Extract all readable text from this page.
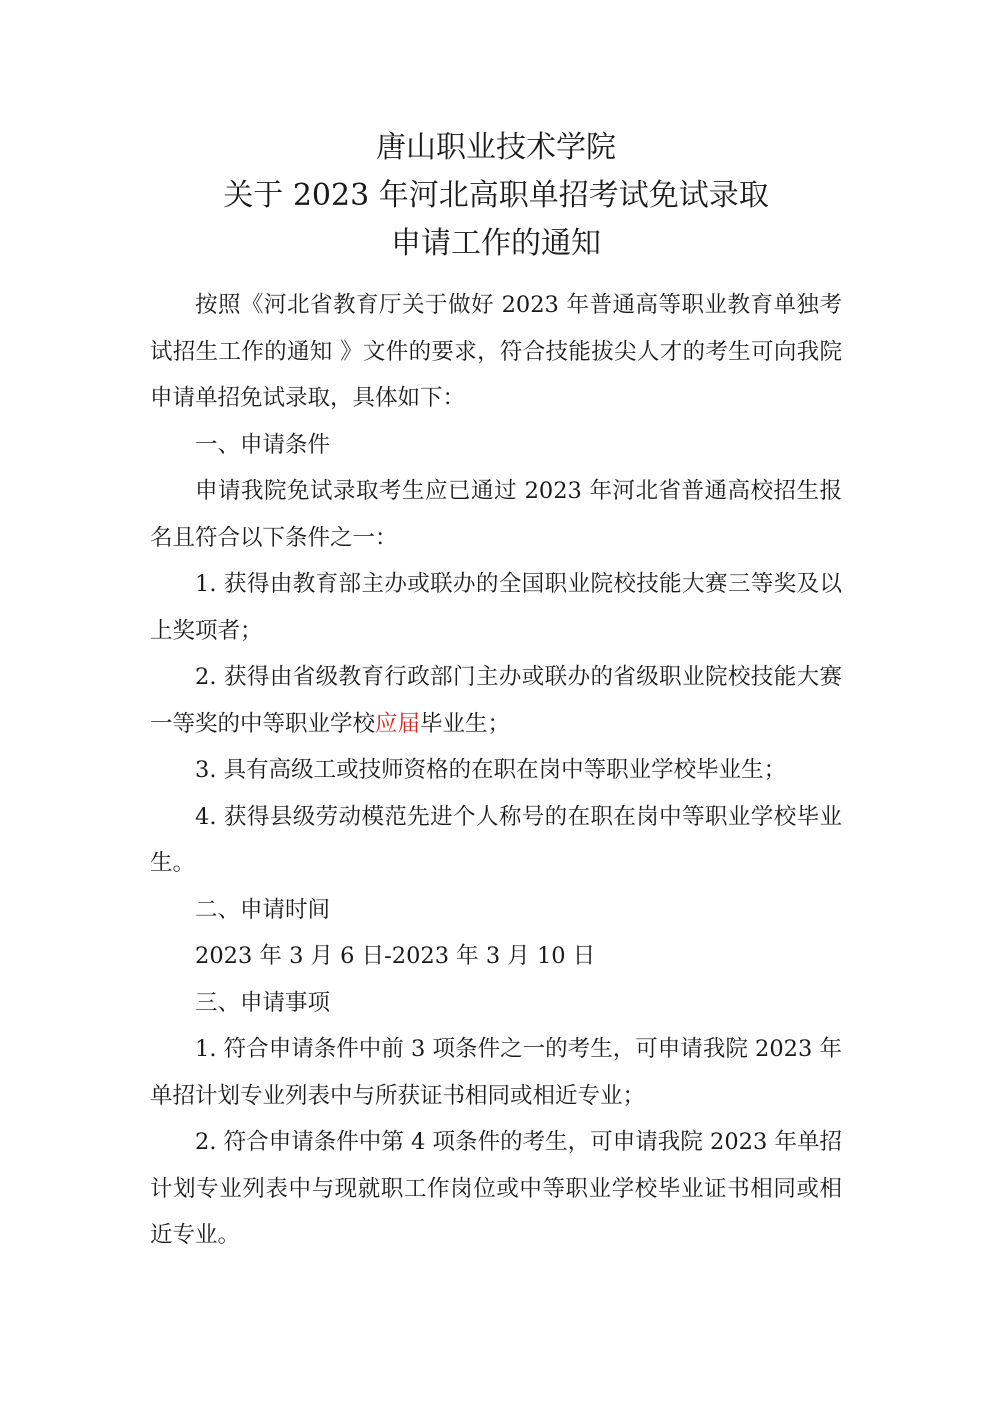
唐山职业技术学院
关于 2023 年河北高职单招考试免试录取
申请工作的通知

按照《河北省教育厅关于做好 2023 年普通高等职业教育单独考试招生工作的通知 》文件的要求，符合技能拔尖人才的考生可向我院申请单招免试录取，具体如下：

一、申请条件

申请我院免试录取考生应已通过 2023 年河北省普通高校招生报名且符合以下条件之一：

1. 获得由教育部主办或联办的全国职业院校技能大赛三等奖及以上奖项者；

2. 获得由省级教育行政部门主办或联办的省级职业院校技能大赛一等奖的中等职业学校应届毕业生；

3. 具有高级工或技师资格的在职在岗中等职业学校毕业生；

4. 获得县级劳动模范先进个人称号的在职在岗中等职业学校毕业生。

二、申请时间

2023 年 3 月 6 日-2023 年 3 月 10 日

三、申请事项

1. 符合申请条件中前 3 项条件之一的考生，可申请我院 2023 年单招计划专业列表中与所获证书相同或相近专业；

2. 符合申请条件中第 4 项条件的考生，可申请我院 2023 年单招计划专业列表中与现就职工作岗位或中等职业学校毕业证书相同或相近专业。
